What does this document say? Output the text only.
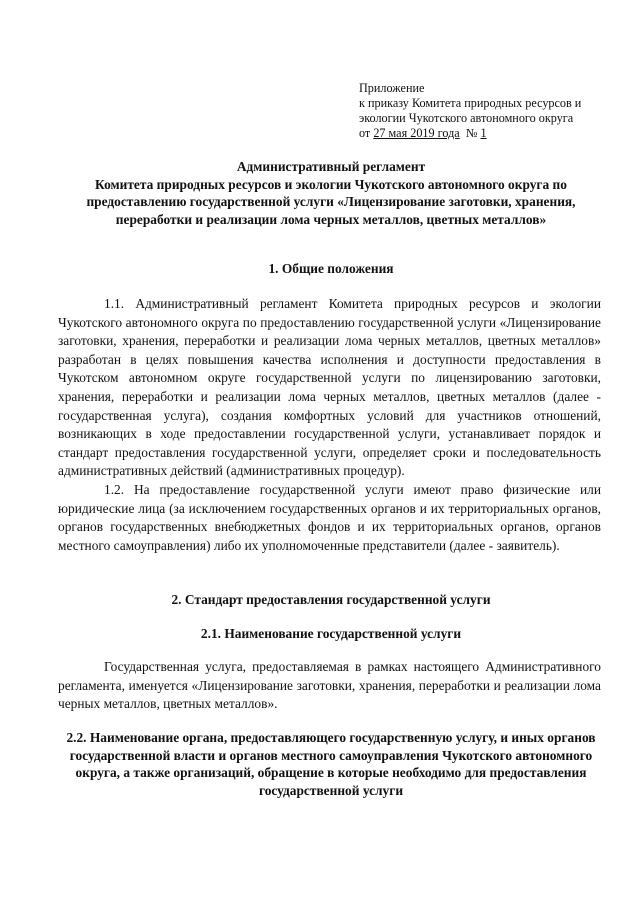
Приложение
к приказу Комитета природных ресурсов и
экологии Чукотского автономного округа
от 27 мая 2019 года  № 1
Административный регламент
Комитета природных ресурсов и экологии Чукотского автономного округа по предоставлению государственной услуги «Лицензирование заготовки, хранения, переработки и реализации лома черных металлов, цветных металлов»
1. Общие положения

1.1. Административный регламент Комитета природных ресурсов и экологии Чукотского автономного округа по предоставлению государственной услуги «Лицензирование заготовки, хранения, переработки и реализации лома черных металлов, цветных металлов» разработан в целях повышения качества исполнения и доступности предоставления в Чукотском автономном округе государственной услуги по лицензированию заготовки, хранения, переработки и реализации лома черных металлов, цветных металлов (далее - государственная услуга), создания комфортных условий для участников отношений, возникающих в ходе предоставлении государственной услуги, устанавливает порядок и стандарт предоставления государственной услуги, определяет сроки и последовательность административных действий (административных процедур).

1.2. На предоставление государственной услуги имеют право физические или юридические лица (за исключением государственных органов и их территориальных органов, органов государственных внебюджетных фондов и их территориальных органов, органов местного самоуправления) либо их уполномоченные представители (далее - заявитель).

2. Стандарт предоставления государственной услуги
2.1. Наименование государственной услуги

Государственная услуга, предоставляемая в рамках настоящего Административного регламента, именуется «Лицензирование заготовки, хранения, переработки и реализации лома черных металлов, цветных металлов».

2.2. Наименование органа, предоставляющего государственную услугу, и иных органов государственной власти и органов местного самоуправления Чукотского автономного округа, а также организаций, обращение в которые необходимо для предоставления государственной услуги
